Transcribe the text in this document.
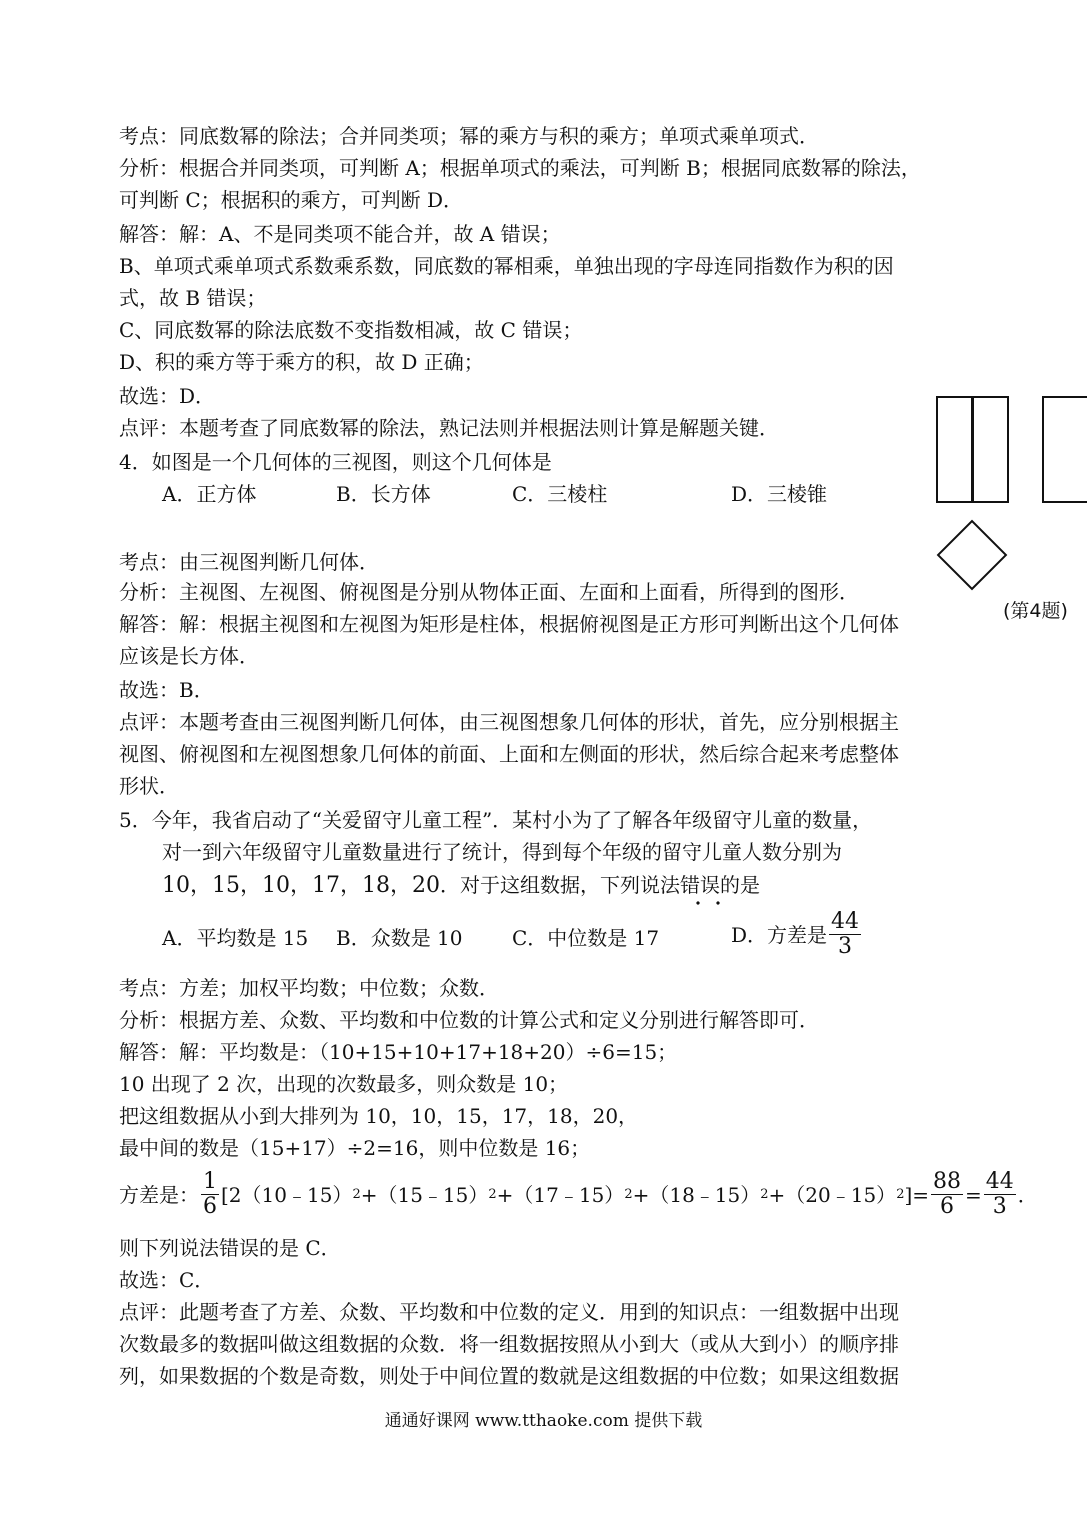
考点：同底数幂的除法；合并同类项；幂的乘方与积的乘方；单项式乘单项式．
分析：根据合并同类项，可判断 A；根据单项式的乘法，可判断 B；根据同底数幂的除法，
可判断 C；根据积的乘方，可判断 D．
解答：解：A、不是同类项不能合并，故 A 错误；
B、单项式乘单项式系数乘系数，同底数的幂相乘，单独出现的字母连同指数作为积的因
式，故 B 错误；
C、同底数幂的除法底数不变指数相减，故 C 错误；
D、积的乘方等于乘方的积，故 D 正确；
故选：D．
点评：本题考查了同底数幂的除法，熟记法则并根据法则计算是解题关键．
4．如图是一个几何体的三视图，则这个几何体是
A．正方体	B．长方体	C．三棱柱	D．三棱锥
(第4题)
考点：由三视图判断几何体．
分析：主视图、左视图、俯视图是分别从物体正面、左面和上面看，所得到的图形．
解答：解：根据主视图和左视图为矩形是柱体，根据俯视图是正方形可判断出这个几何体
应该是长方体．
故选：B．
点评：本题考查由三视图判断几何体，由三视图想象几何体的形状，首先，应分别根据主
视图、俯视图和左视图想象几何体的前面、上面和左侧面的形状，然后综合起来考虑整体
形状．
5．今年，我省启动了“关爱留守儿童工程”．某村小为了了解各年级留守儿童的数量，
对一到六年级留守儿童数量进行了统计，得到每个年级的留守儿童人数分别为
10，15，10，17，18，20．对于这组数据，下列说法错误的是
A．平均数是 15 B．众数是 10 C．中位数是 17	D．方差是 $\frac{44}{3}$
考点：方差；加权平均数；中位数；众数．
分析：根据方差、众数、平均数和中位数的计算公式和定义分别进行解答即可．
解答：解：平均数是：（10+15+10+17+18+20）÷6=15；
10 出现了 2 次，出现的次数最多，则众数是 10；
把这组数据从小到大排列为 10，10，15，17，18，20，
最中间的数是（15+17）÷2=16，则中位数是 16；
方差是： $\frac{1}{6}$ [2（10﹣15） 2 +（15﹣15） 2 +（17﹣15） 2 +（18﹣15） 2 +（20﹣15） 2 ]= $\frac{88}{6} = \frac{44}{3}$ ．
则下列说法错误的是 C．
故选：C．
点评：此题考查了方差、众数、平均数和中位数的定义．用到的知识点：一组数据中出现
次数最多的数据叫做这组数据的众数．将一组数据按照从小到大（或从大到小）的顺序排
列，如果数据的个数是奇数，则处于中间位置的数就是这组数据的中位数；如果这组数据
通通好课网 www.tthaoke.com 提供下载
